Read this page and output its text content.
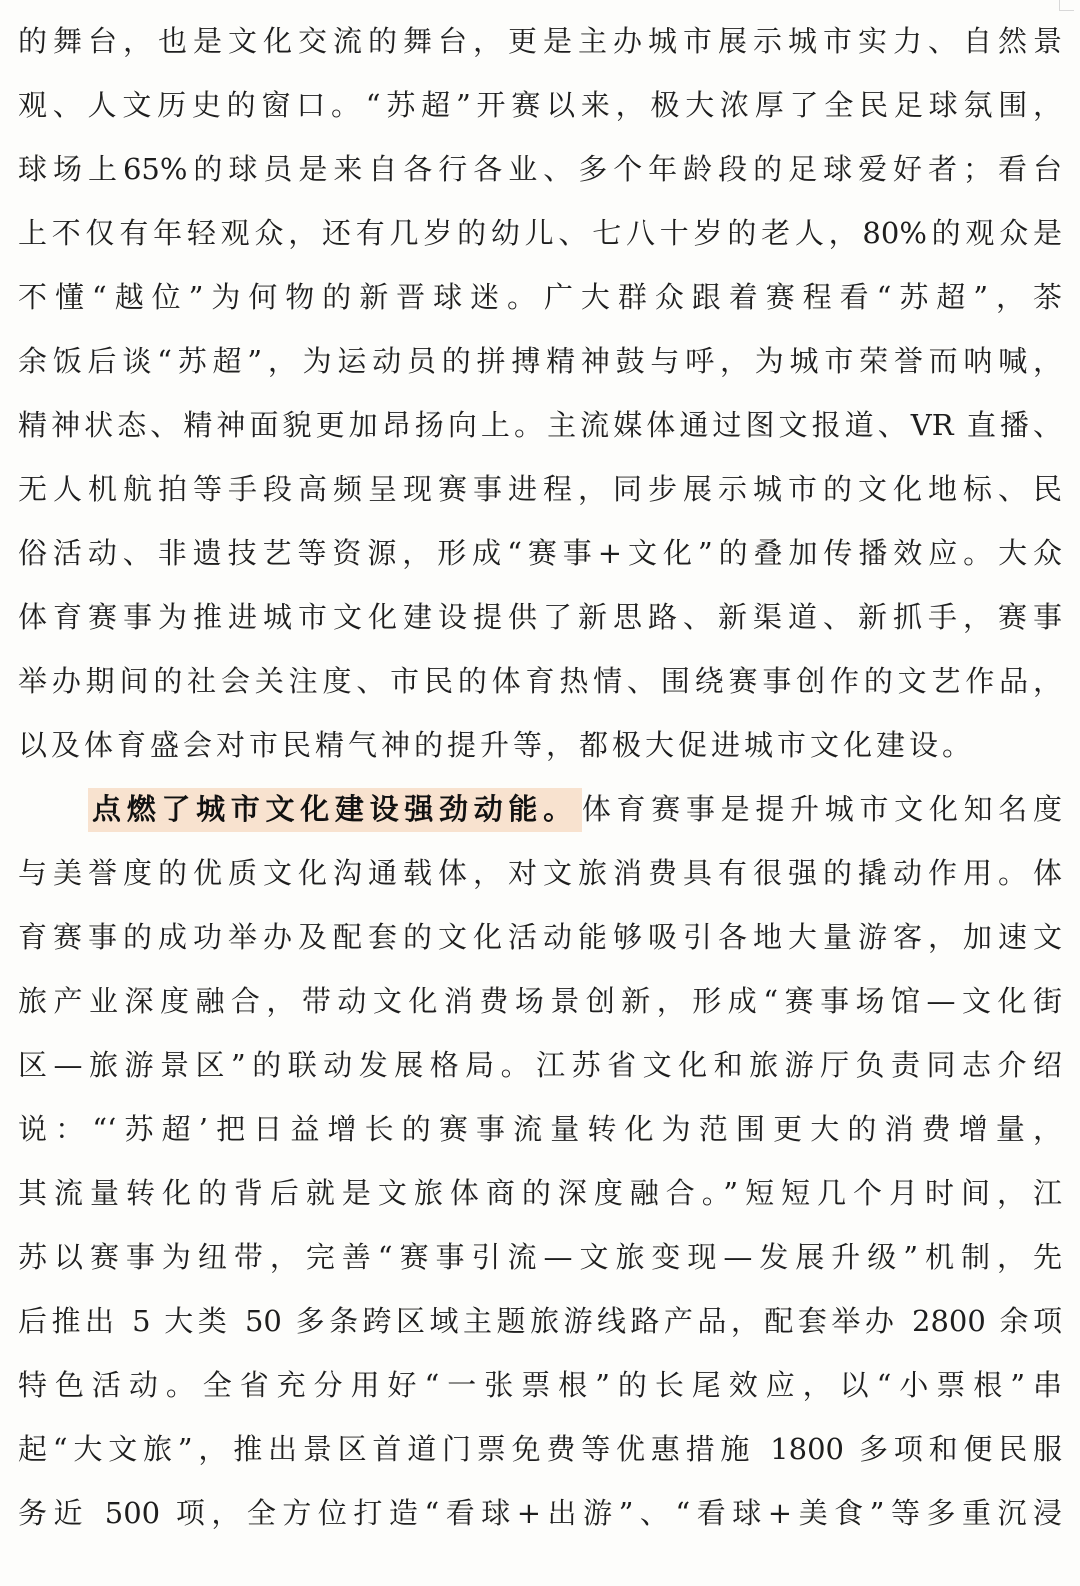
的舞台，也是文化交流的舞台，更是主办城市展示城市实力、自然景
观、人文历史的窗口。“苏超”开赛以来，极大浓厚了全民足球氛围，
球场上65%的球员是来自各行各业、多个年龄段的足球爱好者；看台
上不仅有年轻观众，还有几岁的幼儿、七八十岁的老人，80%的观众是
不懂“越位”为何物的新晋球迷。广大群众跟着赛程看“苏超”，茶
余饭后谈“苏超”，为运动员的拼搏精神鼓与呼，为城市荣誉而呐喊，
精神状态、精神面貌更加昂扬向上。主流媒体通过图文报道、VR 直播、
无人机航拍等手段高频呈现赛事进程，同步展示城市的文化地标、民
俗活动、非遗技艺等资源，形成“赛事+文化”的叠加传播效应。大众
体育赛事为推进城市文化建设提供了新思路、新渠道、新抓手，赛事
举办期间的社会关注度、市民的体育热情、围绕赛事创作的文艺作品，
以及体育盛会对市民精气神的提升等，都极大促进城市文化建设。
点燃了城市文化建设强劲动能。 体育赛事是提升城市文化知名度
与美誉度的优质文化沟通载体，对文旅消费具有很强的撬动作用。体
育赛事的成功举办及配套的文化活动能够吸引各地大量游客，加速文
旅产业深度融合，带动文化消费场景创新，形成“赛事场馆—文化街
区—旅游景区”的联动发展格局。江苏省文化和旅游厅负责同志介绍
说：“‘苏超’把日益增长的赛事流量转化为范围更大的消费增量，
其流量转化的背后就是文旅体商的深度融合。”短短几个月时间，江
苏以赛事为纽带，完善“赛事引流—文旅变现—发展升级”机制，先
后推出 5 大类 50 多条跨区域主题旅游线路产品，配套举办 2800 余项
特色活动。全省充分用好“一张票根”的长尾效应，以“小票根”串
起“大文旅”，推出景区首道门票免费等优惠措施 1800 多项和便民服
务近 500 项，全方位打造“看球+出游”、“看球+美食”等多重沉浸
